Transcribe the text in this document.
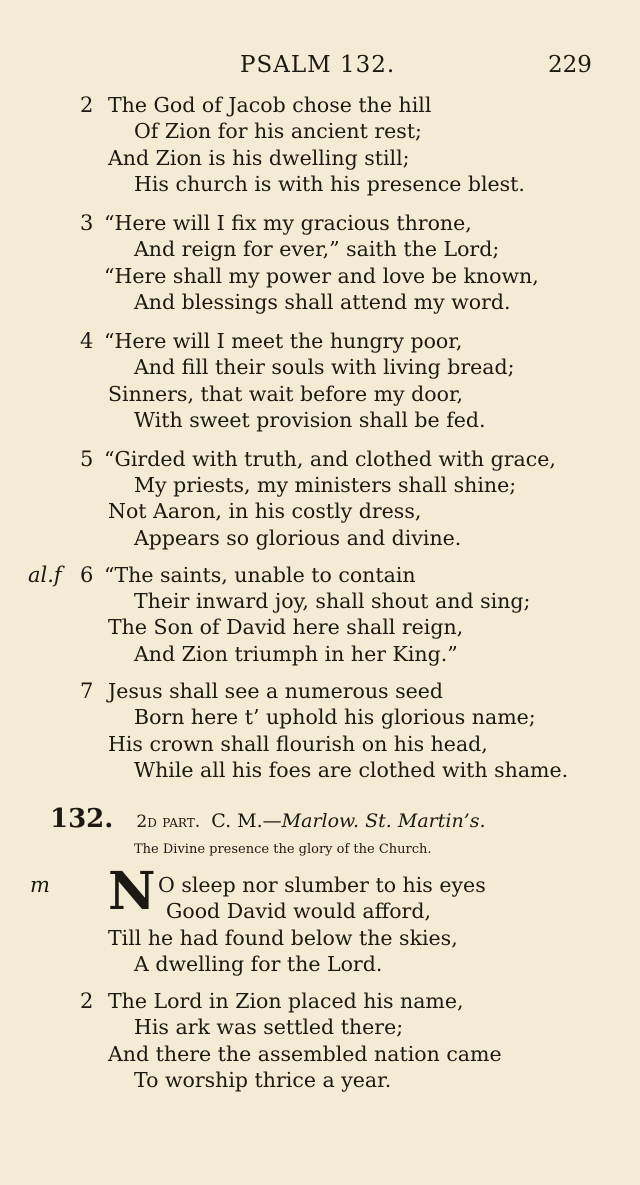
PSALM 132.	229
2 The God of Jacob chose the hill
Of Zion for his ancient rest;
And Zion is his dwelling still;
His church is with his presence blest.
3 “Here will I fix my gracious throne,
And reign for ever,” saith the Lord;
“Here shall my power and love be known,
And blessings shall attend my word.
4 “Here will I meet the hungry poor,
And fill their souls with living bread;
Sinners, that wait before my door,
With sweet provision shall be fed.
5 “Girded with truth, and clothed with grace,
My priests, my ministers shall shine;
Not Aaron, in his costly dress,
Appears so glorious and divine.
al.f 6 “The saints, unable to contain
Their inward joy, shall shout and sing;
The Son of David here shall reign,
And Zion triumph in her King.”
7 Jesus shall see a numerous seed
Born here t’ uphold his glorious name;
His crown shall flourish on his head,
While all his foes are clothed with shame.
132. 2d part. C. M.—Marlow. St. Martin’s.
The Divine presence the glory of the Church.
m N O sleep nor slumber to his eyes
Good David would afford,
Till he had found below the skies,
A dwelling for the Lord.
2 The Lord in Zion placed his name,
His ark was settled there;
And there the assembled nation came
To worship thrice a year.
